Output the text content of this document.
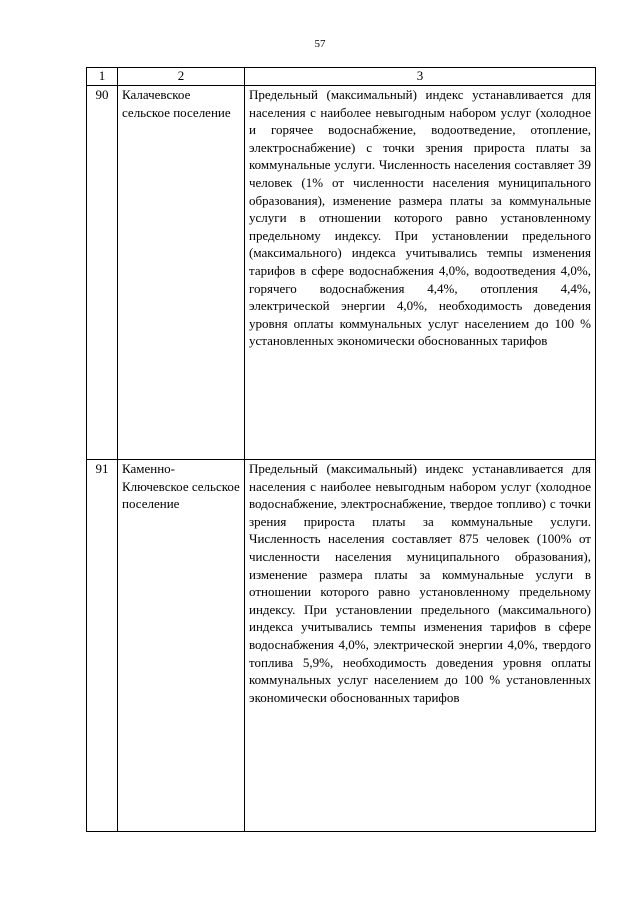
57
1	2	3
90	Калачевское сельское поселение	Предельный (максимальный) индекс устанавливается для населения с наиболее невыгодным набором услуг (холодное и горячее водоснабжение, водоотведение, отопление, электроснабжение) с точки зрения прироста платы за коммунальные услуги. Численность населения составляет 39 человек (1% от численности населения муниципального образования), изменение размера платы за коммунальные услуги в отношении которого равно установленному предельному индексу. При установлении предельного (максимального) индекса учитывались темпы изменения тарифов в сфере водоснабжения 4,0%, водоотведения 4,0%, горячего водоснабжения 4,4%, отопления 4,4%, электрической энергии 4,0%, необходимость доведения уровня оплаты коммунальных услуг населением до 100 % установленных экономически обоснованных тарифов
91	Каменно-Ключевское сельское поселение	Предельный (максимальный) индекс устанавливается для населения с наиболее невыгодным набором услуг (холодное водоснабжение, электроснабжение, твердое топливо) с точки зрения прироста платы за коммунальные услуги. Численность населения составляет 875 человек (100% от численности населения муниципального образования), изменение размера платы за коммунальные услуги в отношении которого равно установленному предельному индексу. При установлении предельного (максимального) индекса учитывались темпы изменения тарифов в сфере водоснабжения 4,0%, электрической энергии 4,0%, твердого топлива 5,9%, необходимость доведения уровня оплаты коммунальных услуг населением до 100 % установленных экономически обоснованных тарифов
